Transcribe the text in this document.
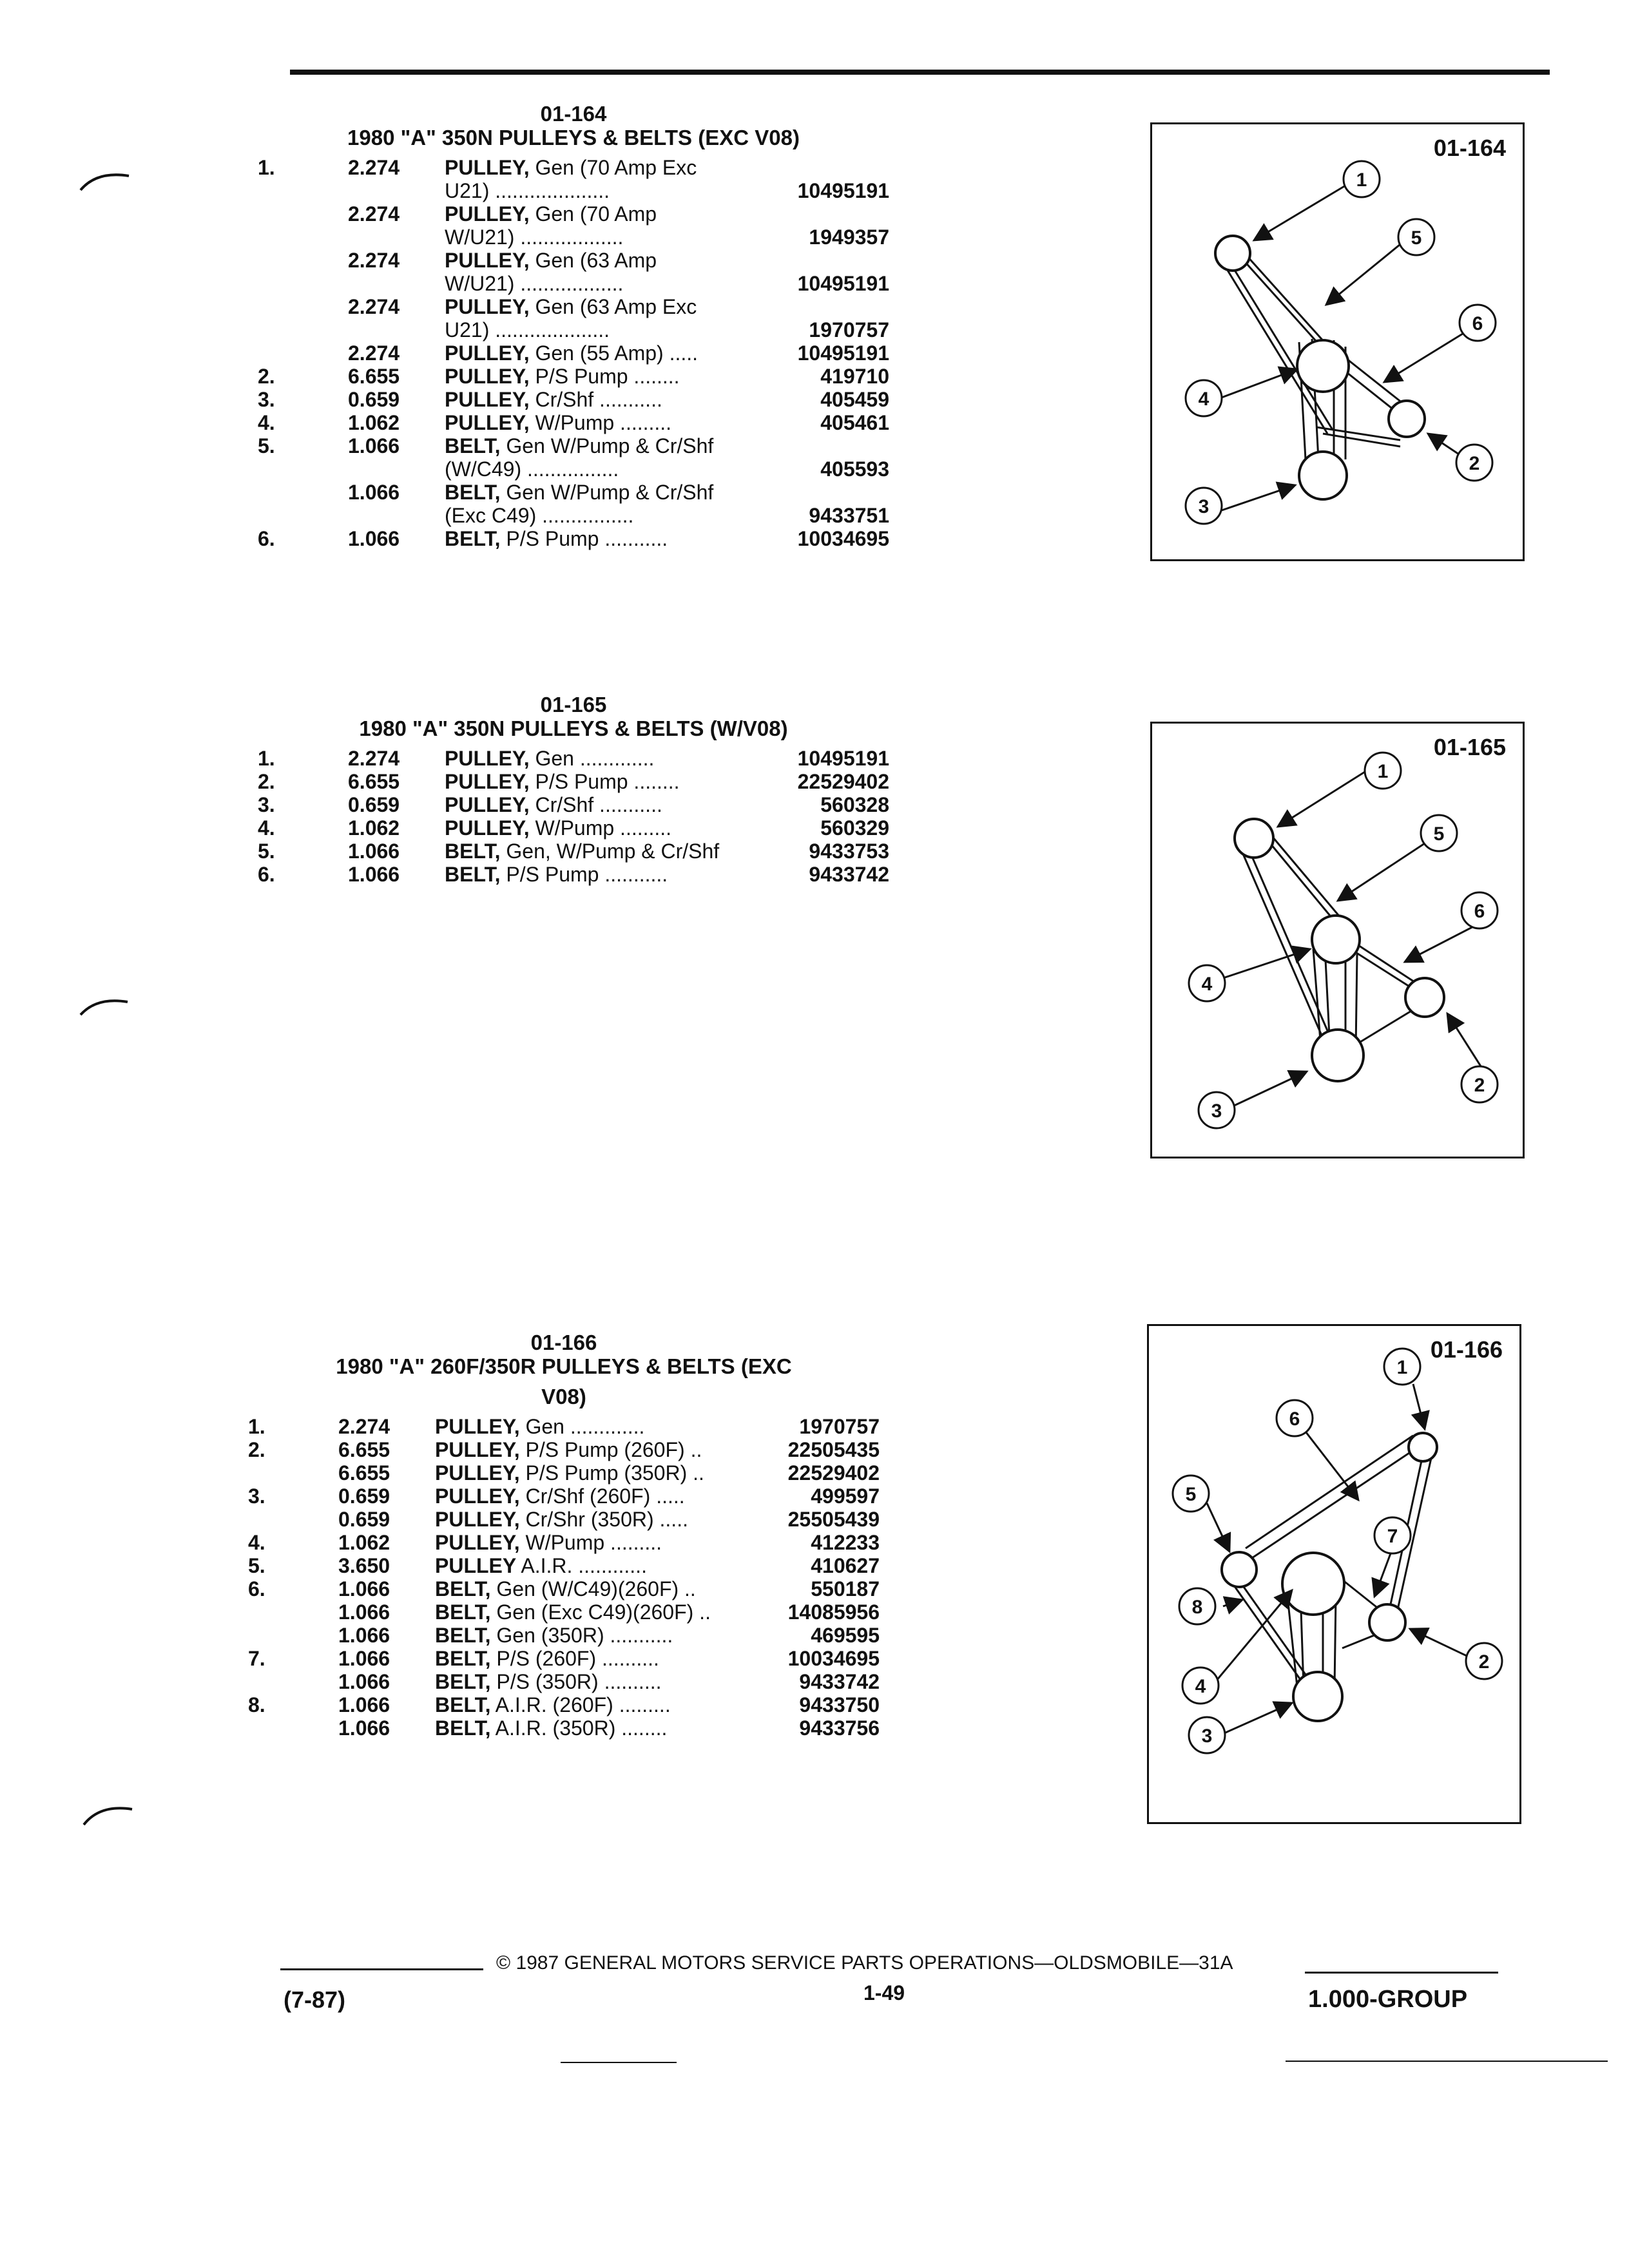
01-164
1980 "A" 350N PULLEYS & BELTS (EXC V08)
1.	2.274	PULLEY, Gen (70 Amp Exc
U21) ....................	10495191
2.274	PULLEY, Gen (70 Amp
W/U21) ..................	1949357
2.274	PULLEY, Gen (63 Amp
W/U21) ..................	10495191
2.274	PULLEY, Gen (63 Amp Exc
U21) ....................	1970757
2.274	PULLEY, Gen (55 Amp) .....	10495191
2.	6.655	PULLEY, P/S Pump ........	419710
3.	0.659	PULLEY, Cr/Shf ...........	405459
4.	1.062	PULLEY, W/Pump .........	405461
5.	1.066	BELT, Gen W/Pump & Cr/Shf
(W/C49) ................	405593
1.066	BELT, Gen W/Pump & Cr/Shf
(Exc C49) ................	9433751
6.	1.066	BELT, P/S Pump ...........	10034695
01-165
1980 "A" 350N PULLEYS & BELTS (W/V08)
1.	2.274	PULLEY, Gen .............	10495191
2.	6.655	PULLEY, P/S Pump ........	22529402
3.	0.659	PULLEY, Cr/Shf ...........	560328
4.	1.062	PULLEY, W/Pump .........	560329
5.	1.066	BELT, Gen, W/Pump & Cr/Shf	9433753
6.	1.066	BELT, P/S Pump ...........	9433742
01-166
1980 "A" 260F/350R PULLEYS & BELTS (EXC
V08)
1.	2.274	PULLEY, Gen .............	1970757
2.	6.655	PULLEY, P/S Pump (260F) ..	22505435
6.655	PULLEY, P/S Pump (350R) ..	22529402
3.	0.659	PULLEY, Cr/Shf (260F) .....	499597
0.659	PULLEY, Cr/Shr (350R) .....	25505439
4.	1.062	PULLEY, W/Pump .........	412233
5.	3.650	PULLEY A.I.R. ............	410627
6.	1.066	BELT, Gen (W/C49)(260F) ..	550187
1.066	BELT, Gen (Exc C49)(260F) ..	14085956
1.066	BELT, Gen (350R) ...........	469595
7.	1.066	BELT, P/S (260F) ..........	10034695
1.066	BELT, P/S (350R) ..........	9433742
8.	1.066	BELT, A.I.R. (260F) .........	9433750
1.066	BELT, A.I.R. (350R) ........	9433756
1
2
3
4
5
6
01-164
1
2
3
4
5
6
01-165
1
2
3
4
5
6
7
8
01-166
(7-87)
© 1987 GENERAL MOTORS SERVICE PARTS OPERATIONS—OLDSMOBILE—31A
1-49	1.000-GROUP
